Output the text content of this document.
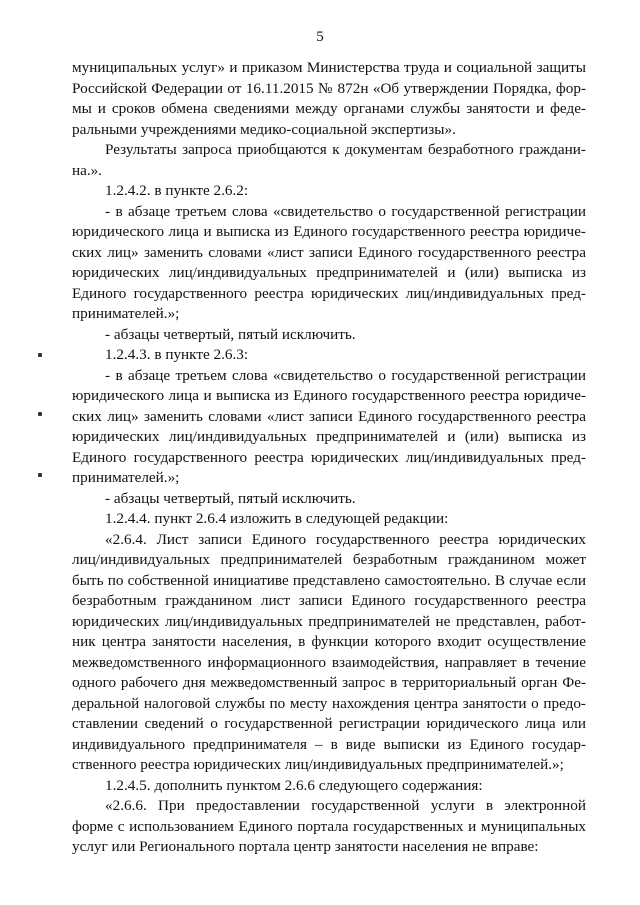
5
муниципальных услуг» и приказом Министерства труда и социальной защиты
Российской Федерации от 16.11.2015 № 872н «Об утверждении Порядка, фор-
мы и сроков обмена сведениями между органами службы занятости и феде-
ральными учреждениями медико-социальной экспертизы».
Результаты запроса приобщаются к документам безработного граждани-
на.».
1.2.4.2. в пункте 2.6.2:
- в абзаце третьем слова «свидетельство о государственной регистрации
юридического лица и выписка из Единого государственного реестра юридиче-
ских лиц» заменить словами «лист записи Единого государственного реестра
юридических лиц/индивидуальных предпринимателей и (или) выписка из
Единого государственного реестра юридических лиц/индивидуальных пред-
принимателей.»;
- абзацы четвертый, пятый исключить.
1.2.4.3. в пункте 2.6.3:
- в абзаце третьем слова «свидетельство о государственной регистрации
юридического лица и выписка из Единого государственного реестра юридиче-
ских лиц» заменить словами «лист записи Единого государственного реестра
юридических лиц/индивидуальных предпринимателей и (или) выписка из
Единого государственного реестра юридических лиц/индивидуальных пред-
принимателей.»;
- абзацы четвертый, пятый исключить.
1.2.4.4. пункт 2.6.4 изложить в следующей редакции:
«2.6.4. Лист записи Единого государственного реестра юридических
лиц/индивидуальных предпринимателей безработным гражданином может
быть по собственной инициативе представлено самостоятельно. В случае если
безработным гражданином лист записи Единого государственного реестра
юридических лиц/индивидуальных предпринимателей не представлен, работ-
ник центра занятости населения, в функции которого входит осуществление
межведомственного информационного взаимодействия, направляет в течение
одного рабочего дня межведомственный запрос в территориальный орган Фе-
деральной налоговой службы по месту нахождения центра занятости о предо-
ставлении сведений о государственной регистрации юридического лица или
индивидуального предпринимателя – в виде выписки из Единого государ-
ственного реестра юридических лиц/индивидуальных предпринимателей.»;
1.2.4.5. дополнить пунктом 2.6.6 следующего содержания:
«2.6.6. При предоставлении государственной услуги в электронной
форме с использованием Единого портала государственных и муниципальных
услуг или Регионального портала центр занятости населения не вправе:
